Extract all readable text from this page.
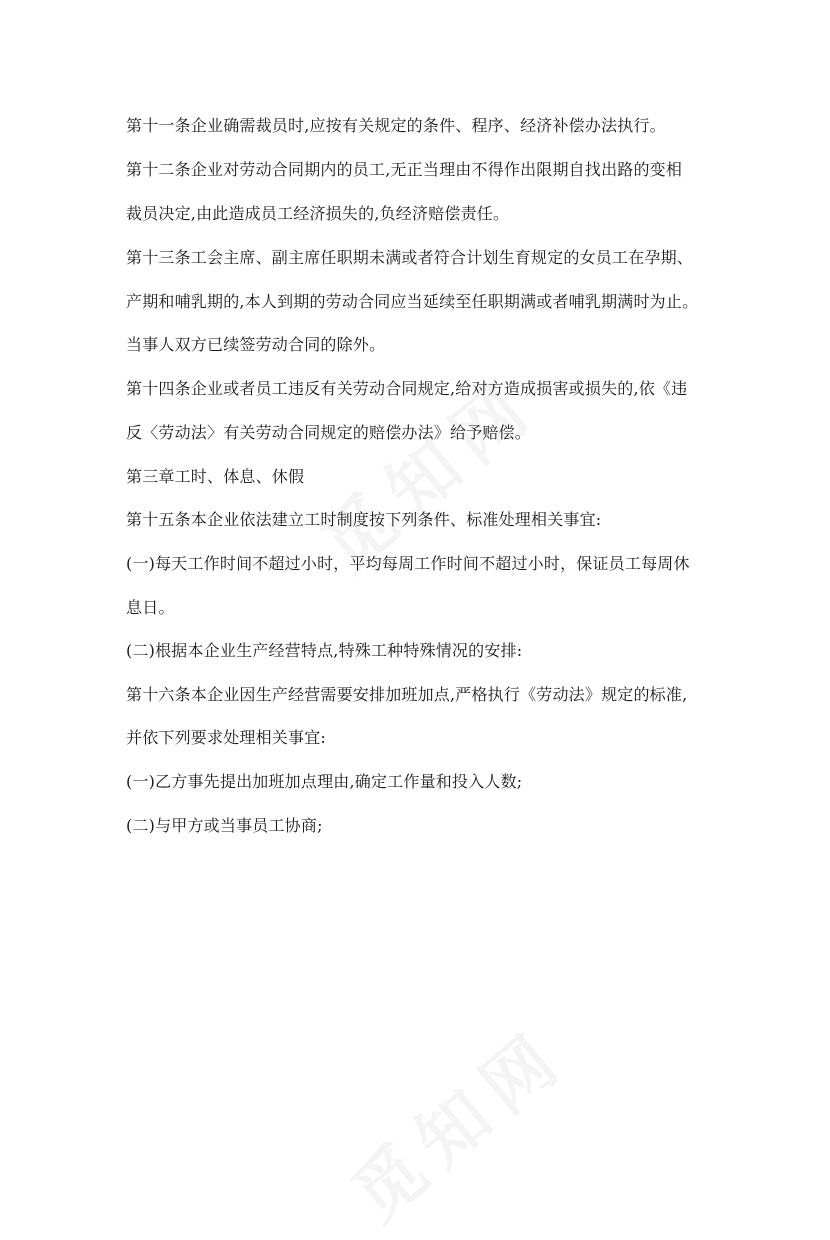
第十一条企业确需裁员时,应按有关规定的条件、程序、经济补偿办法执行。
第十二条企业对劳动合同期内的员工,无正当理由不得作出限期自找出路的变相
裁员决定,由此造成员工经济损失的,负经济赔偿责任。
第十三条工会主席、副主席任职期未满或者符合计划生育规定的女员工在孕期、
产期和哺乳期的,本人到期的劳动合同应当延续至任职期满或者哺乳期满时为止。
当事人双方已续签劳动合同的除外。
第十四条企业或者员工违反有关劳动合同规定,给对方造成损害或损失的,依《违
反〈劳动法〉有关劳动合同规定的赔偿办法》给予赔偿。
第三章工时、体息、休假
第十五条本企业依法建立工时制度按下列条件、标准处理相关事宜:
(一)每天工作时间不超过小时，平均每周工作时间不超过小时，保证员工每周休
息日。
(二)根据本企业生产经营特点,特殊工种特殊情况的安排:
第十六条本企业因生产经营需要安排加班加点,严格执行《劳动法》规定的标准,
并依下列要求处理相关事宜:
(一)乙方事先提出加班加点理由,确定工作量和投入人数;
(二)与甲方或当事员工协商;
